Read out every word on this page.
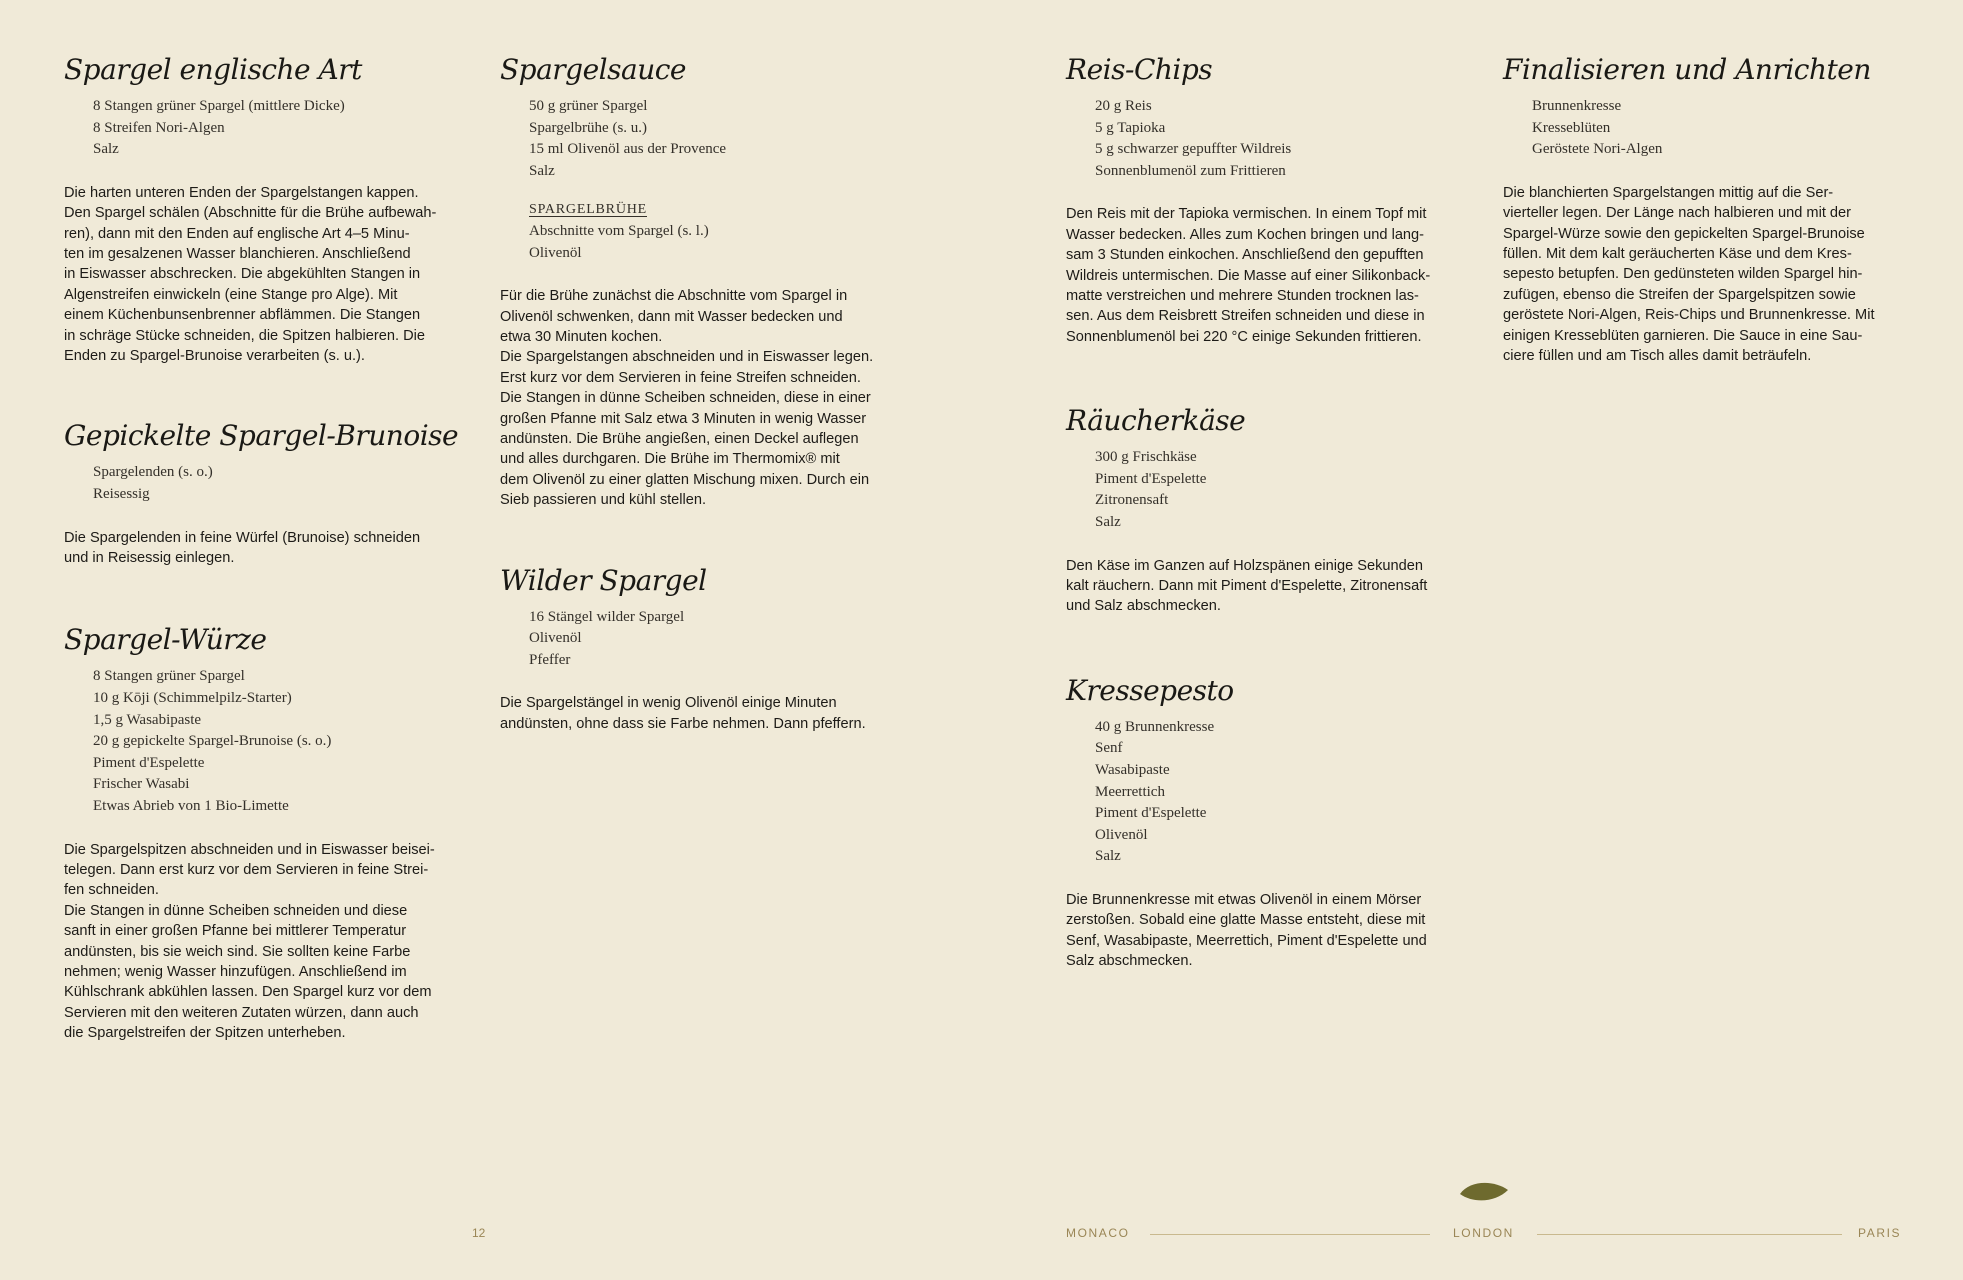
Spargel englische Art
8 Stangen grüner Spargel (mittlere Dicke)
8 Streifen Nori-Algen
Salz
Die harten unteren Enden der Spargelstangen kappen.
Den Spargel schälen (Abschnitte für die Brühe aufbewah-
ren), dann mit den Enden auf englische Art 4–5 Minu-
ten im gesalzenen Wasser blanchieren. Anschließend
in Eiswasser abschrecken. Die abgekühlten Stangen in
Algenstreifen einwickeln (eine Stange pro Alge). Mit
einem Küchenbunsenbrenner abflämmen. Die Stangen
in schräge Stücke schneiden, die Spitzen halbieren. Die
Enden zu Spargel-Brunoise verarbeiten (s. u.).
Gepickelte Spargel-Brunoise
Spargelenden (s. o.)
Reisessig
Die Spargelenden in feine Würfel (Brunoise) schneiden
und in Reisessig einlegen.
Spargel-Würze
8 Stangen grüner Spargel
10 g Kōji (Schimmelpilz-Starter)
1,5 g Wasabipaste
20 g gepickelte Spargel-Brunoise (s. o.)
Piment d'Espelette
Frischer Wasabi
Etwas Abrieb von 1 Bio-Limette
Die Spargelspitzen abschneiden und in Eiswasser beisei-
telegen. Dann erst kurz vor dem Servieren in feine Strei-
fen schneiden.
Die Stangen in dünne Scheiben schneiden und diese
sanft in einer großen Pfanne bei mittlerer Temperatur
andünsten, bis sie weich sind. Sie sollten keine Farbe
nehmen; wenig Wasser hinzufügen. Anschließend im
Kühlschrank abkühlen lassen. Den Spargel kurz vor dem
Servieren mit den weiteren Zutaten würzen, dann auch
die Spargelstreifen der Spitzen unterheben.
Spargelsauce
50 g grüner Spargel
Spargelbrühe (s. u.)
15 ml Olivenöl aus der Provence
Salz
SPARGELBRÜHE
Abschnitte vom Spargel (s. l.)
Olivenöl
Für die Brühe zunächst die Abschnitte vom Spargel in
Olivenöl schwenken, dann mit Wasser bedecken und
etwa 30 Minuten kochen.
Die Spargelstangen abschneiden und in Eiswasser legen.
Erst kurz vor dem Servieren in feine Streifen schneiden.
Die Stangen in dünne Scheiben schneiden, diese in einer
großen Pfanne mit Salz etwa 3 Minuten in wenig Wasser
andünsten. Die Brühe angießen, einen Deckel auflegen
und alles durchgaren. Die Brühe im Thermomix® mit
dem Olivenöl zu einer glatten Mischung mixen. Durch ein
Sieb passieren und kühl stellen.
Wilder Spargel
16 Stängel wilder Spargel
Olivenöl
Pfeffer
Die Spargelstängel in wenig Olivenöl einige Minuten
andünsten, ohne dass sie Farbe nehmen. Dann pfeffern.
12
Reis-Chips
20 g Reis
5 g Tapioka
5 g schwarzer gepuffter Wildreis
Sonnenblumenöl zum Frittieren
Den Reis mit der Tapioka vermischen. In einem Topf mit
Wasser bedecken. Alles zum Kochen bringen und lang-
sam 3 Stunden einkochen. Anschließend den gepufften
Wildreis untermischen. Die Masse auf einer Silikonback-
matte verstreichen und mehrere Stunden trocknen las-
sen. Aus dem Reisbrett Streifen schneiden und diese in
Sonnenblumenöl bei 220 °C einige Sekunden frittieren.
Räucherkäse
300 g Frischkäse
Piment d'Espelette
Zitronensaft
Salz
Den Käse im Ganzen auf Holzspänen einige Sekunden
kalt räuchern. Dann mit Piment d'Espelette, Zitronensaft
und Salz abschmecken.
Kressepesto
40 g Brunnenkresse
Senf
Wasabipaste
Meerrettich
Piment d'Espelette
Olivenöl
Salz
Die Brunnenkresse mit etwas Olivenöl in einem Mörser
zerstoßen. Sobald eine glatte Masse entsteht, diese mit
Senf, Wasabipaste, Meerrettich, Piment d'Espelette und
Salz abschmecken.
Finalisieren und Anrichten
Brunnenkresse
Kresseblüten
Geröstete Nori-Algen
Die blanchierten Spargelstangen mittig auf die Ser-
vierteller legen. Der Länge nach halbieren und mit der
Spargel-Würze sowie den gepickelten Spargel-Brunoise
füllen. Mit dem kalt geräucherten Käse und dem Kres-
sepesto betupfen. Den gedünsteten wilden Spargel hin-
zufügen, ebenso die Streifen der Spargelspitzen sowie
geröstete Nori-Algen, Reis-Chips und Brunnenkresse. Mit
einigen Kresseblüten garnieren. Die Sauce in eine Sau-
ciere füllen und am Tisch alles damit beträufeln.
MONACO	LONDON	PARIS
